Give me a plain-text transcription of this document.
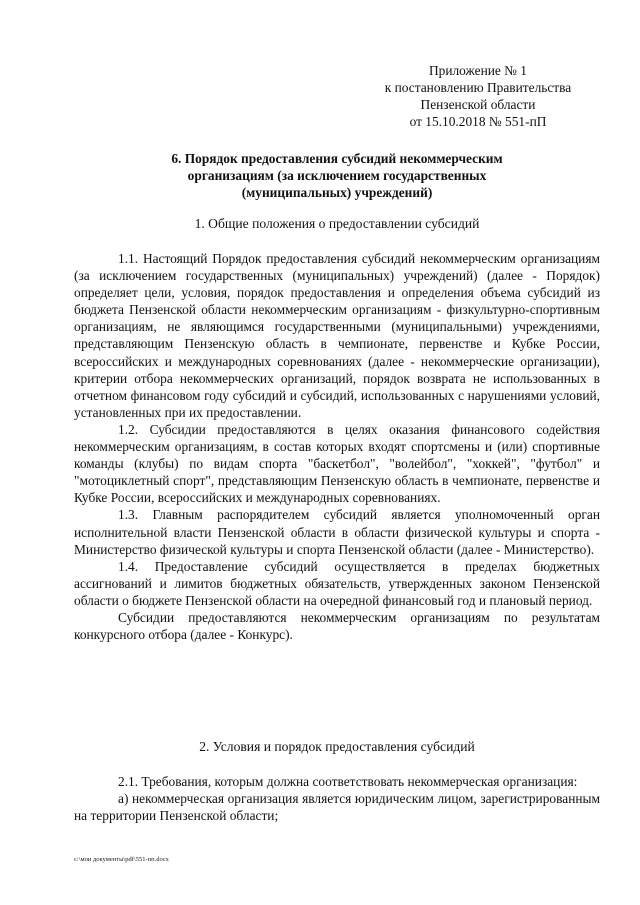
Приложение № 1
к постановлению Правительства
Пензенской области
от 15.10.2018 № 551-пП
6. Порядок предоставления субсидий некоммерческим
организациям (за исключением государственных
(муниципальных) учреждений)
1. Общие положения о предоставлении субсидий

1.1. Настоящий Порядок предоставления субсидий некоммерческим организациям (за исключением государственных (муниципальных) учреждений) (далее - Порядок) определяет цели, условия, порядок предоставления и определения объема субсидий из бюджета Пензенской области некоммерческим организациям - физкультурно-спортивным организациям, не являющимся государственными (муниципальными) учреждениями, представляющим Пензенскую область в чемпионате, первенстве и Кубке России, всероссийских и международных соревнованиях (далее - некоммерческие организации), критерии отбора некоммерческих организаций, порядок возврата не использованных в отчетном финансовом году субсидий и субсидий, использованных с нарушениями условий, установленных при их предоставлении.

1.2. Субсидии предоставляются в целях оказания финансового содействия некоммерческим организациям, в состав которых входят спортсмены и (или) спортивные команды (клубы) по видам спорта "баскетбол", "волейбол", "хоккей", "футбол" и "мотоциклетный спорт", представляющим Пензенскую область в чемпионате, первенстве и Кубке России, всероссийских и международных соревнованиях.

1.3. Главным распорядителем субсидий является уполномоченный орган исполнительной власти Пензенской области в области физической культуры и спорта - Министерство физической культуры и спорта Пензенской области (далее - Министерство).

1.4. Предоставление субсидий осуществляется в пределах бюджетных ассигнований и лимитов бюджетных обязательств, утвержденных законом Пензенской области о бюджете Пензенской области на очередной финансовый год и плановый период.

Субсидии предоставляются некоммерческим организациям по результатам конкурсного отбора (далее - Конкурс).

2. Условия и порядок предоставления субсидий

2.1. Требования, которым должна соответствовать некоммерческая организация:

а) некоммерческая организация является юридическим лицом, зарегистрированным на территории Пензенской области;

c:\мои документы\pdf\551-пп.docx
